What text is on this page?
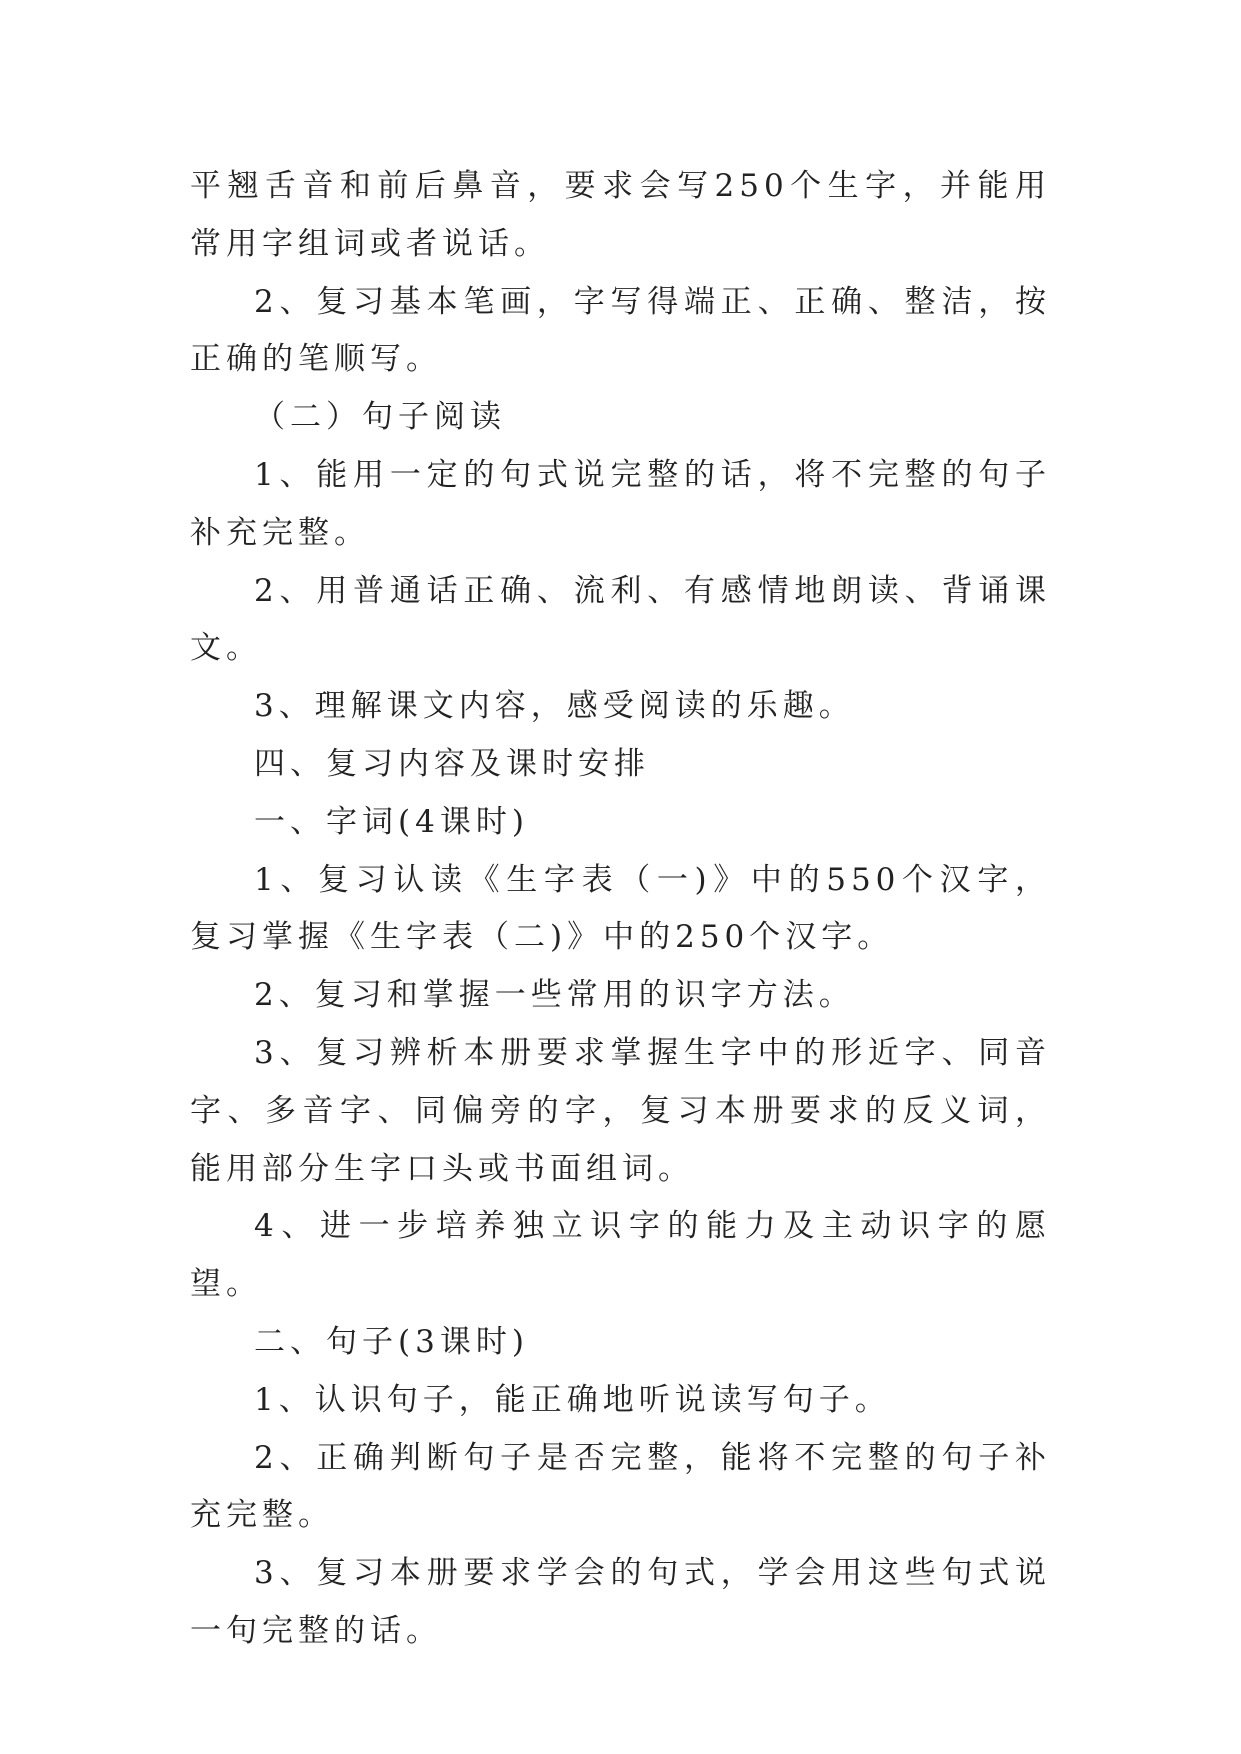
平翘舌音和前后鼻音，要求会写250个生字，并能用常用字组词或者说话。

2、复习基本笔画，字写得端正、正确、整洁，按正确的笔顺写。

（二）句子阅读

1、能用一定的句式说完整的话，将不完整的句子补充完整。

2、用普通话正确、流利、有感情地朗读、背诵课文。

3、理解课文内容，感受阅读的乐趣。

四、复习内容及课时安排

一、字词(4课时)

1、复习认读《生字表（一)》中的550个汉字， 复习掌握《生字表（二)》中的250个汉字。

2、复习和掌握一些常用的识字方法。

3、复习辨析本册要求掌握生字中的形近字、同音字、多音字、同偏旁的字，复习本册要求的反义词，能用部分生字口头或书面组词。

4、进一步培养独立识字的能力及主动识字的愿望。

二、句子(3课时)

1、认识句子，能正确地听说读写句子。

2、正确判断句子是否完整，能将不完整的句子补充完整。

3、复习本册要求学会的句式，学会用这些句式说一句完整的话。
